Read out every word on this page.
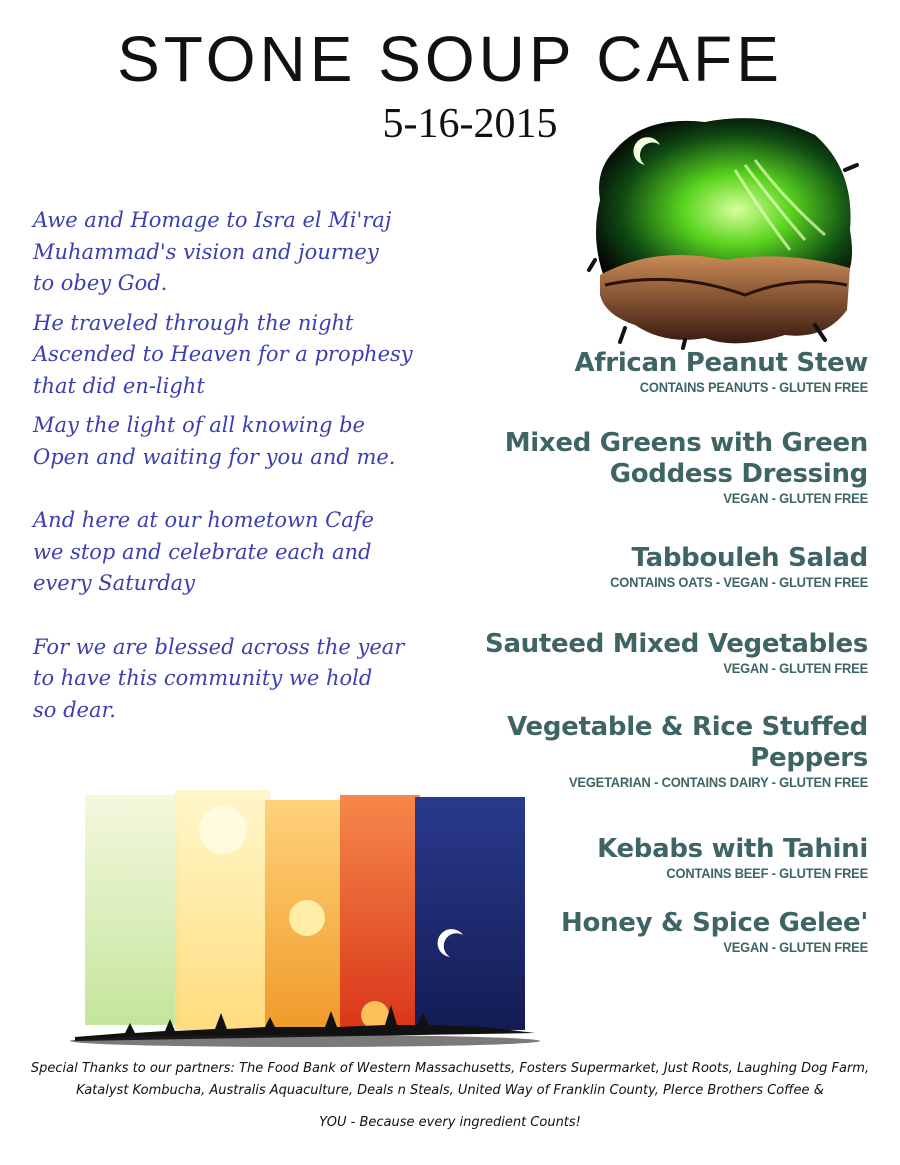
STONE SOUP CAFE
5-16-2015
Awe and Homage to Isra el Mi'raj
Muhammad's vision and journey
to obey God.
He traveled through the night
Ascended to Heaven for a prophesy
that did en-light
May the light of all knowing be
Open and waiting for you and me.
And here at our hometown Cafe
we stop and celebrate each and
every Saturday
For we are blessed across the year
to have this community we hold
so dear.
African Peanut Stew
CONTAINS PEANUTS - GLUTEN FREE
Mixed Greens with Green
Goddess Dressing
VEGAN - GLUTEN FREE
Tabbouleh Salad
CONTAINS OATS - VEGAN - GLUTEN FREE
Sauteed Mixed Vegetables
VEGAN - GLUTEN FREE
Vegetable & Rice Stuffed
Peppers
VEGETARIAN - CONTAINS DAIRY - GLUTEN FREE
Kebabs with Tahini
CONTAINS BEEF - GLUTEN FREE
Honey & Spice Gelee'
VEGAN - GLUTEN FREE
Special Thanks to our partners: The Food Bank of Western Massachusetts, Fosters Supermarket, Just Roots, Laughing Dog Farm, Katalyst Kombucha, Australis Aquaculture, Deals n Steals, United Way of Franklin County, PIerce Brothers Coffee &
YOU - Because every ingredient Counts!
